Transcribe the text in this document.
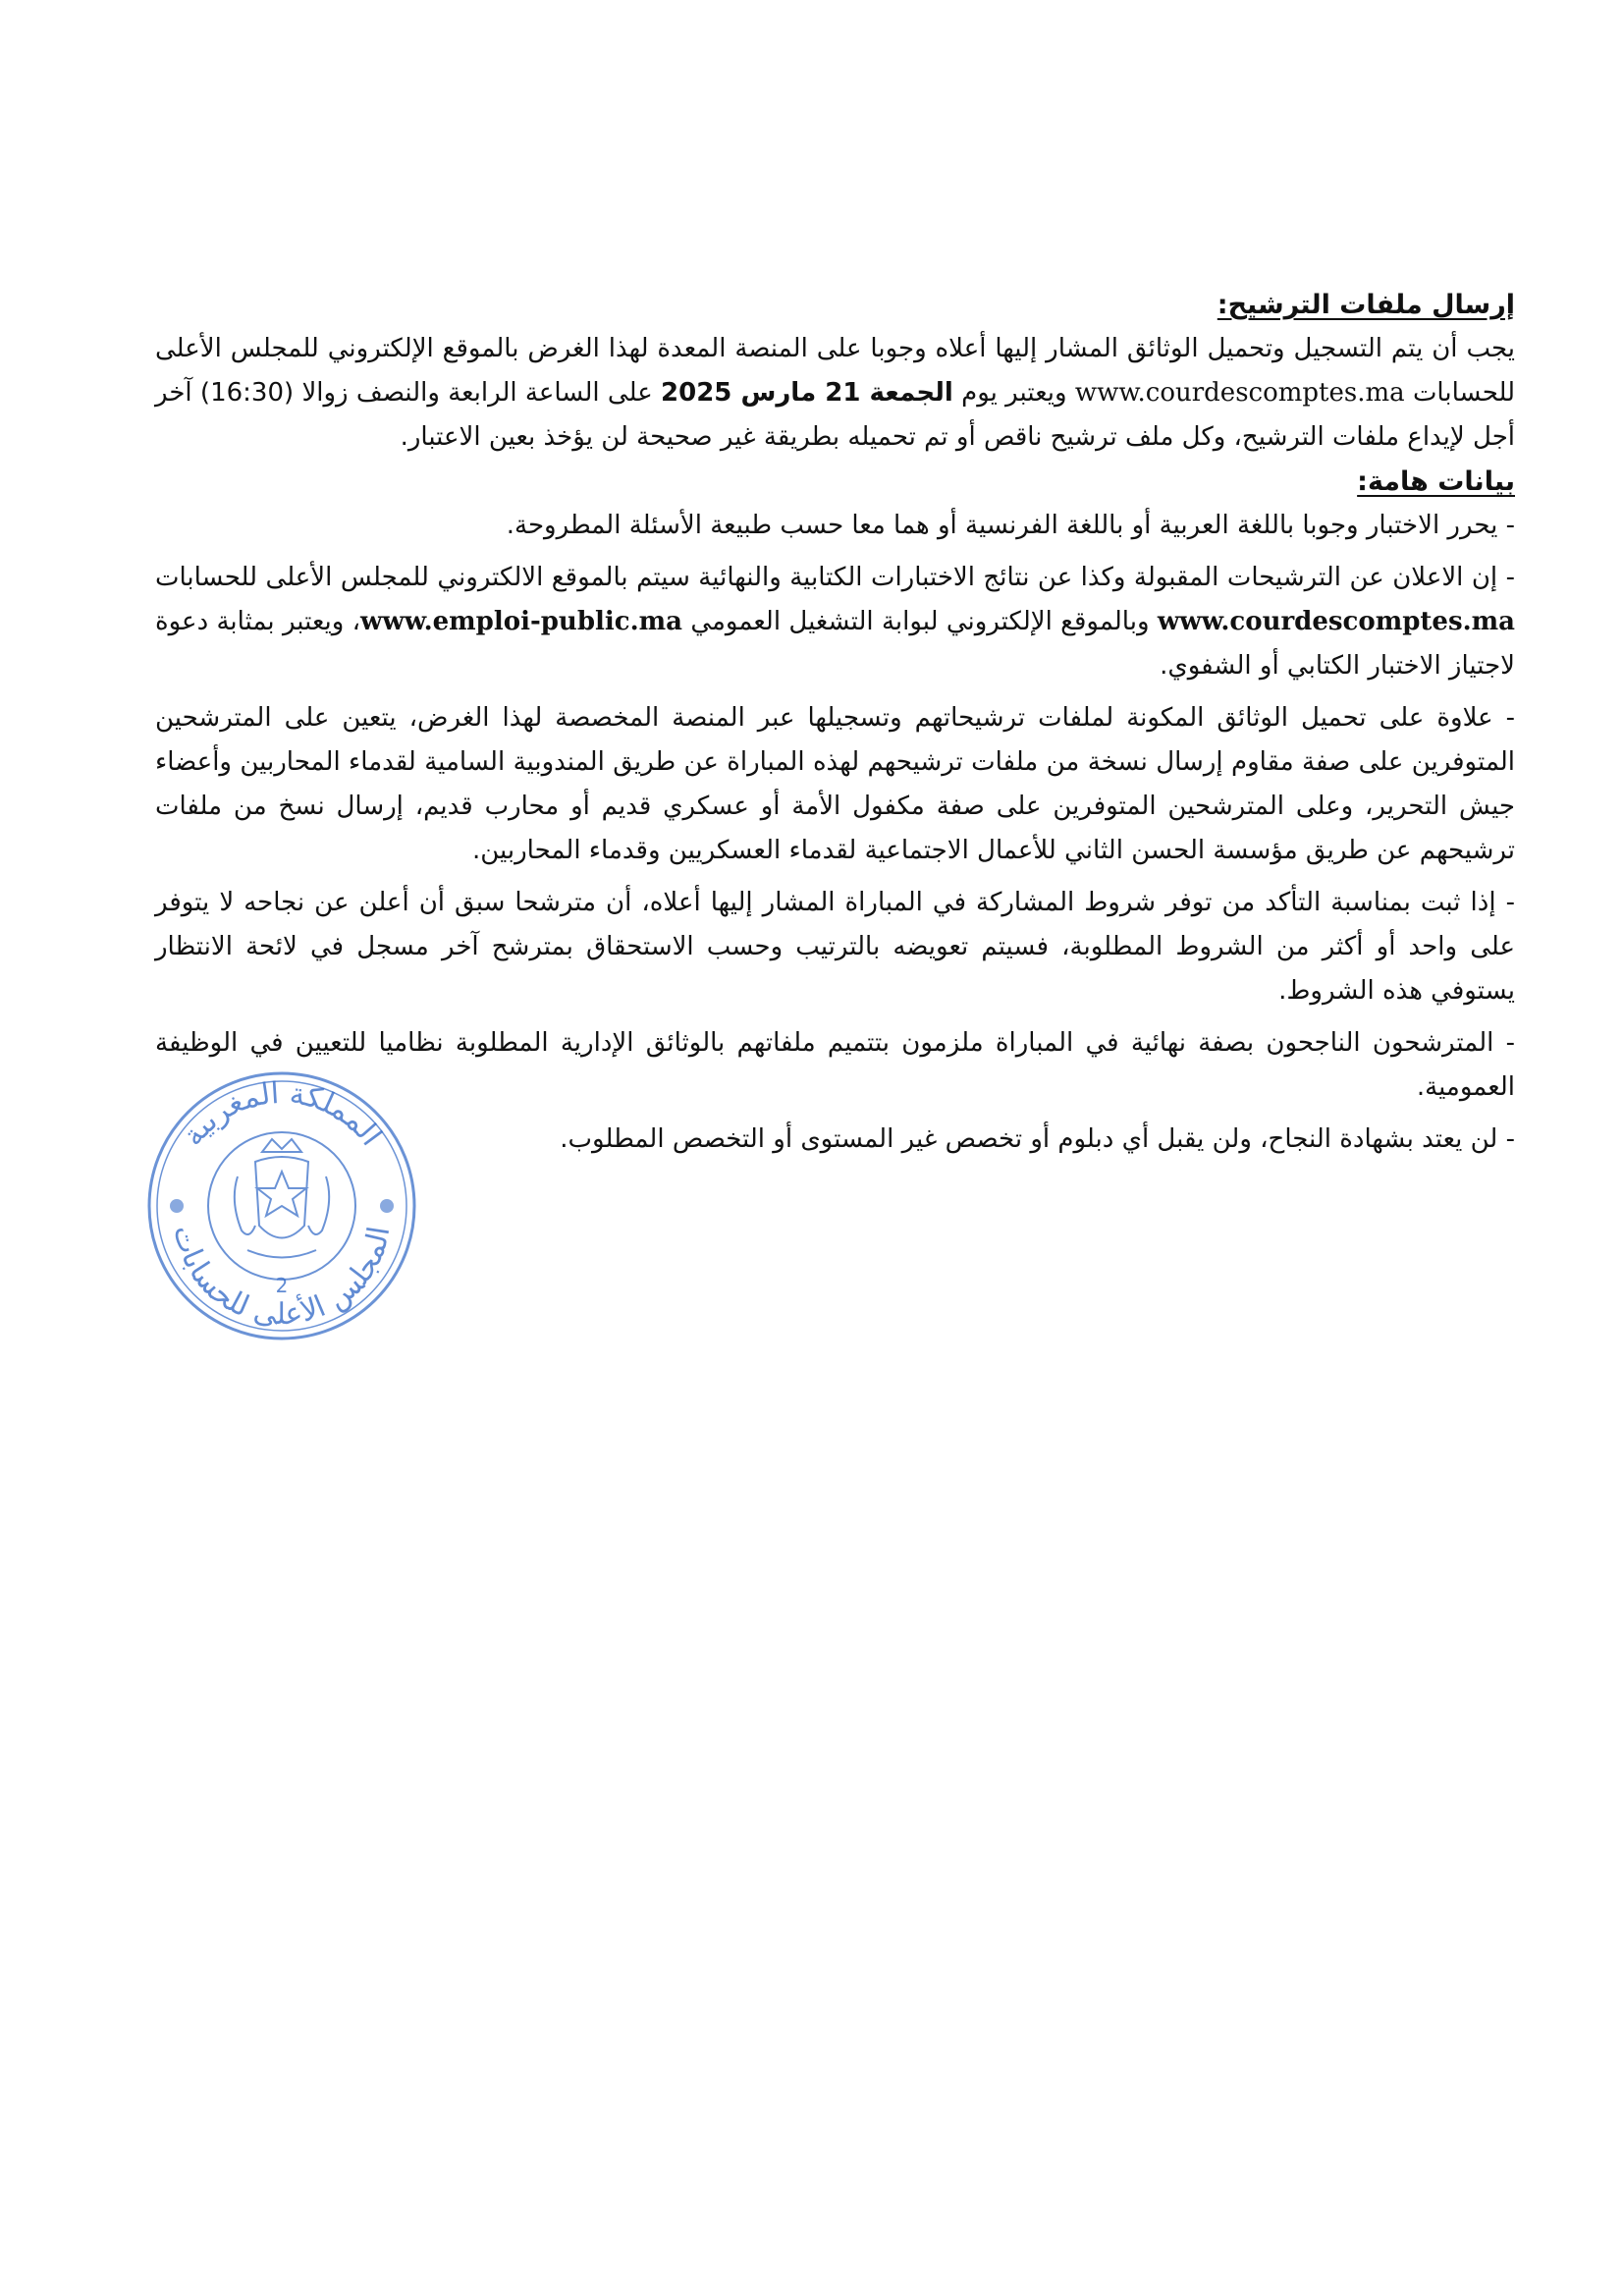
إرسال ملفات الترشيح:

يجب أن يتم التسجيل وتحميل الوثائق المشار إليها أعلاه وجوبا على المنصة المعدة لهذا الغرض بالموقع الإلكتروني للمجلس الأعلى للحسابات www.courdescomptes.ma ويعتبر يوم الجمعة 21 مارس 2025 على الساعة الرابعة والنصف زوالا (16:30) آخر أجل لإيداع ملفات الترشيح، وكل ملف ترشيح ناقص أو تم تحميله بطريقة غير صحيحة لن يؤخذ بعين الاعتبار.

بيانات هامة:

- يحرر الاختبار وجوبا باللغة العربية أو باللغة الفرنسية أو هما معا حسب طبيعة الأسئلة المطروحة.

- إن الاعلان عن الترشيحات المقبولة وكذا عن نتائج الاختبارات الكتابية والنهائية سيتم بالموقع الالكتروني للمجلس الأعلى للحسابات www.courdescomptes.ma وبالموقع الإلكتروني لبوابة التشغيل العمومي www.emploi-public.ma، ويعتبر بمثابة دعوة لاجتياز الاختبار الكتابي أو الشفوي.

- علاوة على تحميل الوثائق المكونة لملفات ترشيحاتهم وتسجيلها عبر المنصة المخصصة لهذا الغرض، يتعين على المترشحين المتوفرين على صفة مقاوم إرسال نسخة من ملفات ترشيحهم لهذه المباراة عن طريق المندوبية السامية لقدماء المحاربين وأعضاء جيش التحرير، وعلى المترشحين المتوفرين على صفة مكفول الأمة أو عسكري قديم أو محارب قديم، إرسال نسخ من ملفات ترشيحهم عن طريق مؤسسة الحسن الثاني للأعمال الاجتماعية لقدماء العسكريين وقدماء المحاربين.

- إذا ثبت بمناسبة التأكد من توفر شروط المشاركة في المباراة المشار إليها أعلاه، أن مترشحا سبق أن أعلن عن نجاحه لا يتوفر على واحد أو أكثر من الشروط المطلوبة، فسيتم تعويضه بالترتيب وحسب الاستحقاق بمترشح آخر مسجل في لائحة الانتظار يستوفي هذه الشروط.

- المترشحون الناجحون بصفة نهائية في المباراة ملزمون بتتميم ملفاتهم بالوثائق الإدارية المطلوبة نظاميا للتعيين في الوظيفة العمومية.

- لن يعتد بشهادة النجاح، ولن يقبل أي دبلوم أو تخصص غير المستوى أو التخصص المطلوب.

المملكة المغربية
المجلس الأعلى للحسابات
2
